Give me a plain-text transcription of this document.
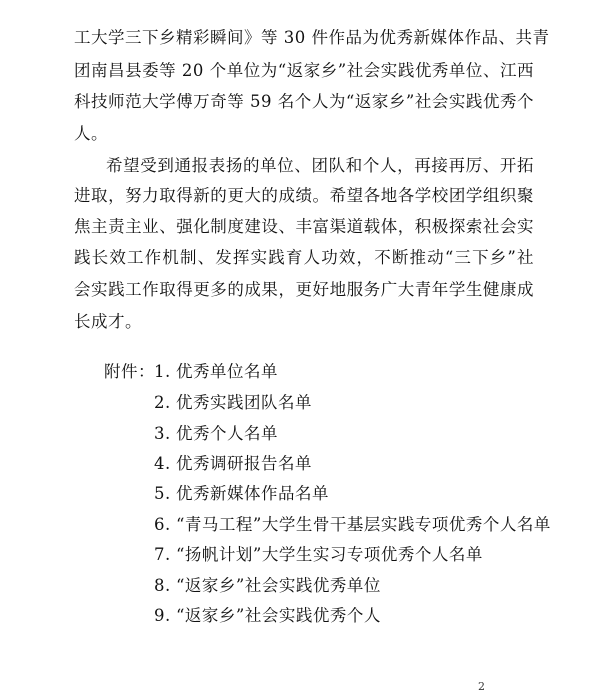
工大学三下乡精彩瞬间》等 30 件作品为优秀新媒体作品、共青
团南昌县委等 20 个单位为“返家乡”社会实践优秀单位、江西
科技师范大学傅万奇等 59 名个人为“返家乡”社会实践优秀个
人。
希望受到通报表扬的单位、团队和个人，再接再厉、开拓
进取，努力取得新的更大的成绩。希望各地各学校团学组织聚
焦主责主业、强化制度建设、丰富渠道载体，积极探索社会实
践长效工作机制、发挥实践育人功效，不断推动“三下乡”社
会实践工作取得更多的成果，更好地服务广大青年学生健康成
长成才。
附件： 1. 优秀单位名单
2. 优秀实践团队名单
3. 优秀个人名单
4. 优秀调研报告名单
5. 优秀新媒体作品名单
6. “青马工程”大学生骨干基层实践专项优秀个人名单
7. “扬帆计划”大学生实习专项优秀个人名单
8. “返家乡”社会实践优秀单位
9. “返家乡”社会实践优秀个人
2
